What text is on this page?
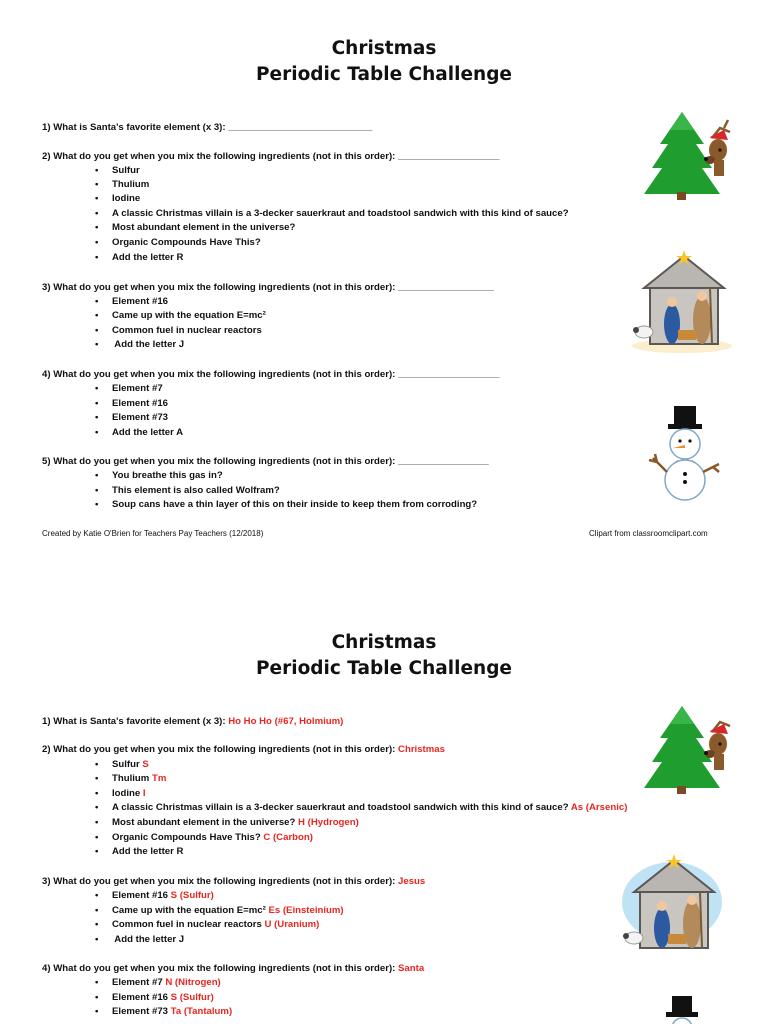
Christmas
Periodic Table Challenge
1) What is Santa's favorite element (x 3): ___________________________
2) What do you get when you mix the following ingredients (not in this order): ___________________
• Sulfur
• Thulium
• Iodine
• A classic Christmas villain is a 3-decker sauerkraut and toadstool sandwich with this kind of sauce?
• Most abundant element in the universe?
• Organic Compounds Have This?
• Add the letter R
3) What do you get when you mix the following ingredients (not in this order): __________________
• Element #16
• Came up with the equation E=mc²
• Common fuel in nuclear reactors
• Add the letter J
4) What do you get when you mix the following ingredients (not in this order): ___________________
• Element #7
• Element #16
• Element #73
• Add the letter A
5) What do you get when you mix the following ingredients (not in this order): _________________
• You breathe this gas in?
• This element is also called Wolfram?
• Soup cans have a thin layer of this on their inside to keep them from corroding?
Created by Katie O'Brien for Teachers Pay Teachers (12/2018)	Clipart from classroomclipart.com
Christmas
Periodic Table Challenge
1) What is Santa's favorite element (x 3): Ho Ho Ho (#67, Holmium)
2) What do you get when you mix the following ingredients (not in this order): Christmas
• Sulfur S
• Thulium Tm
• Iodine I
• A classic Christmas villain is a 3-decker sauerkraut and toadstool sandwich with this kind of sauce? As (Arsenic)
• Most abundant element in the universe? H (Hydrogen)
• Organic Compounds Have This? C (Carbon)
• Add the letter R
3) What do you get when you mix the following ingredients (not in this order): Jesus
• Element #16 S (Sulfur)
• Came up with the equation E=mc² Es (Einsteinium)
• Common fuel in nuclear reactors U (Uranium)
• Add the letter J
4) What do you get when you mix the following ingredients (not in this order): Santa
• Element #7 N (Nitrogen)
• Element #16 S (Sulfur)
• Element #73 Ta (Tantalum)
